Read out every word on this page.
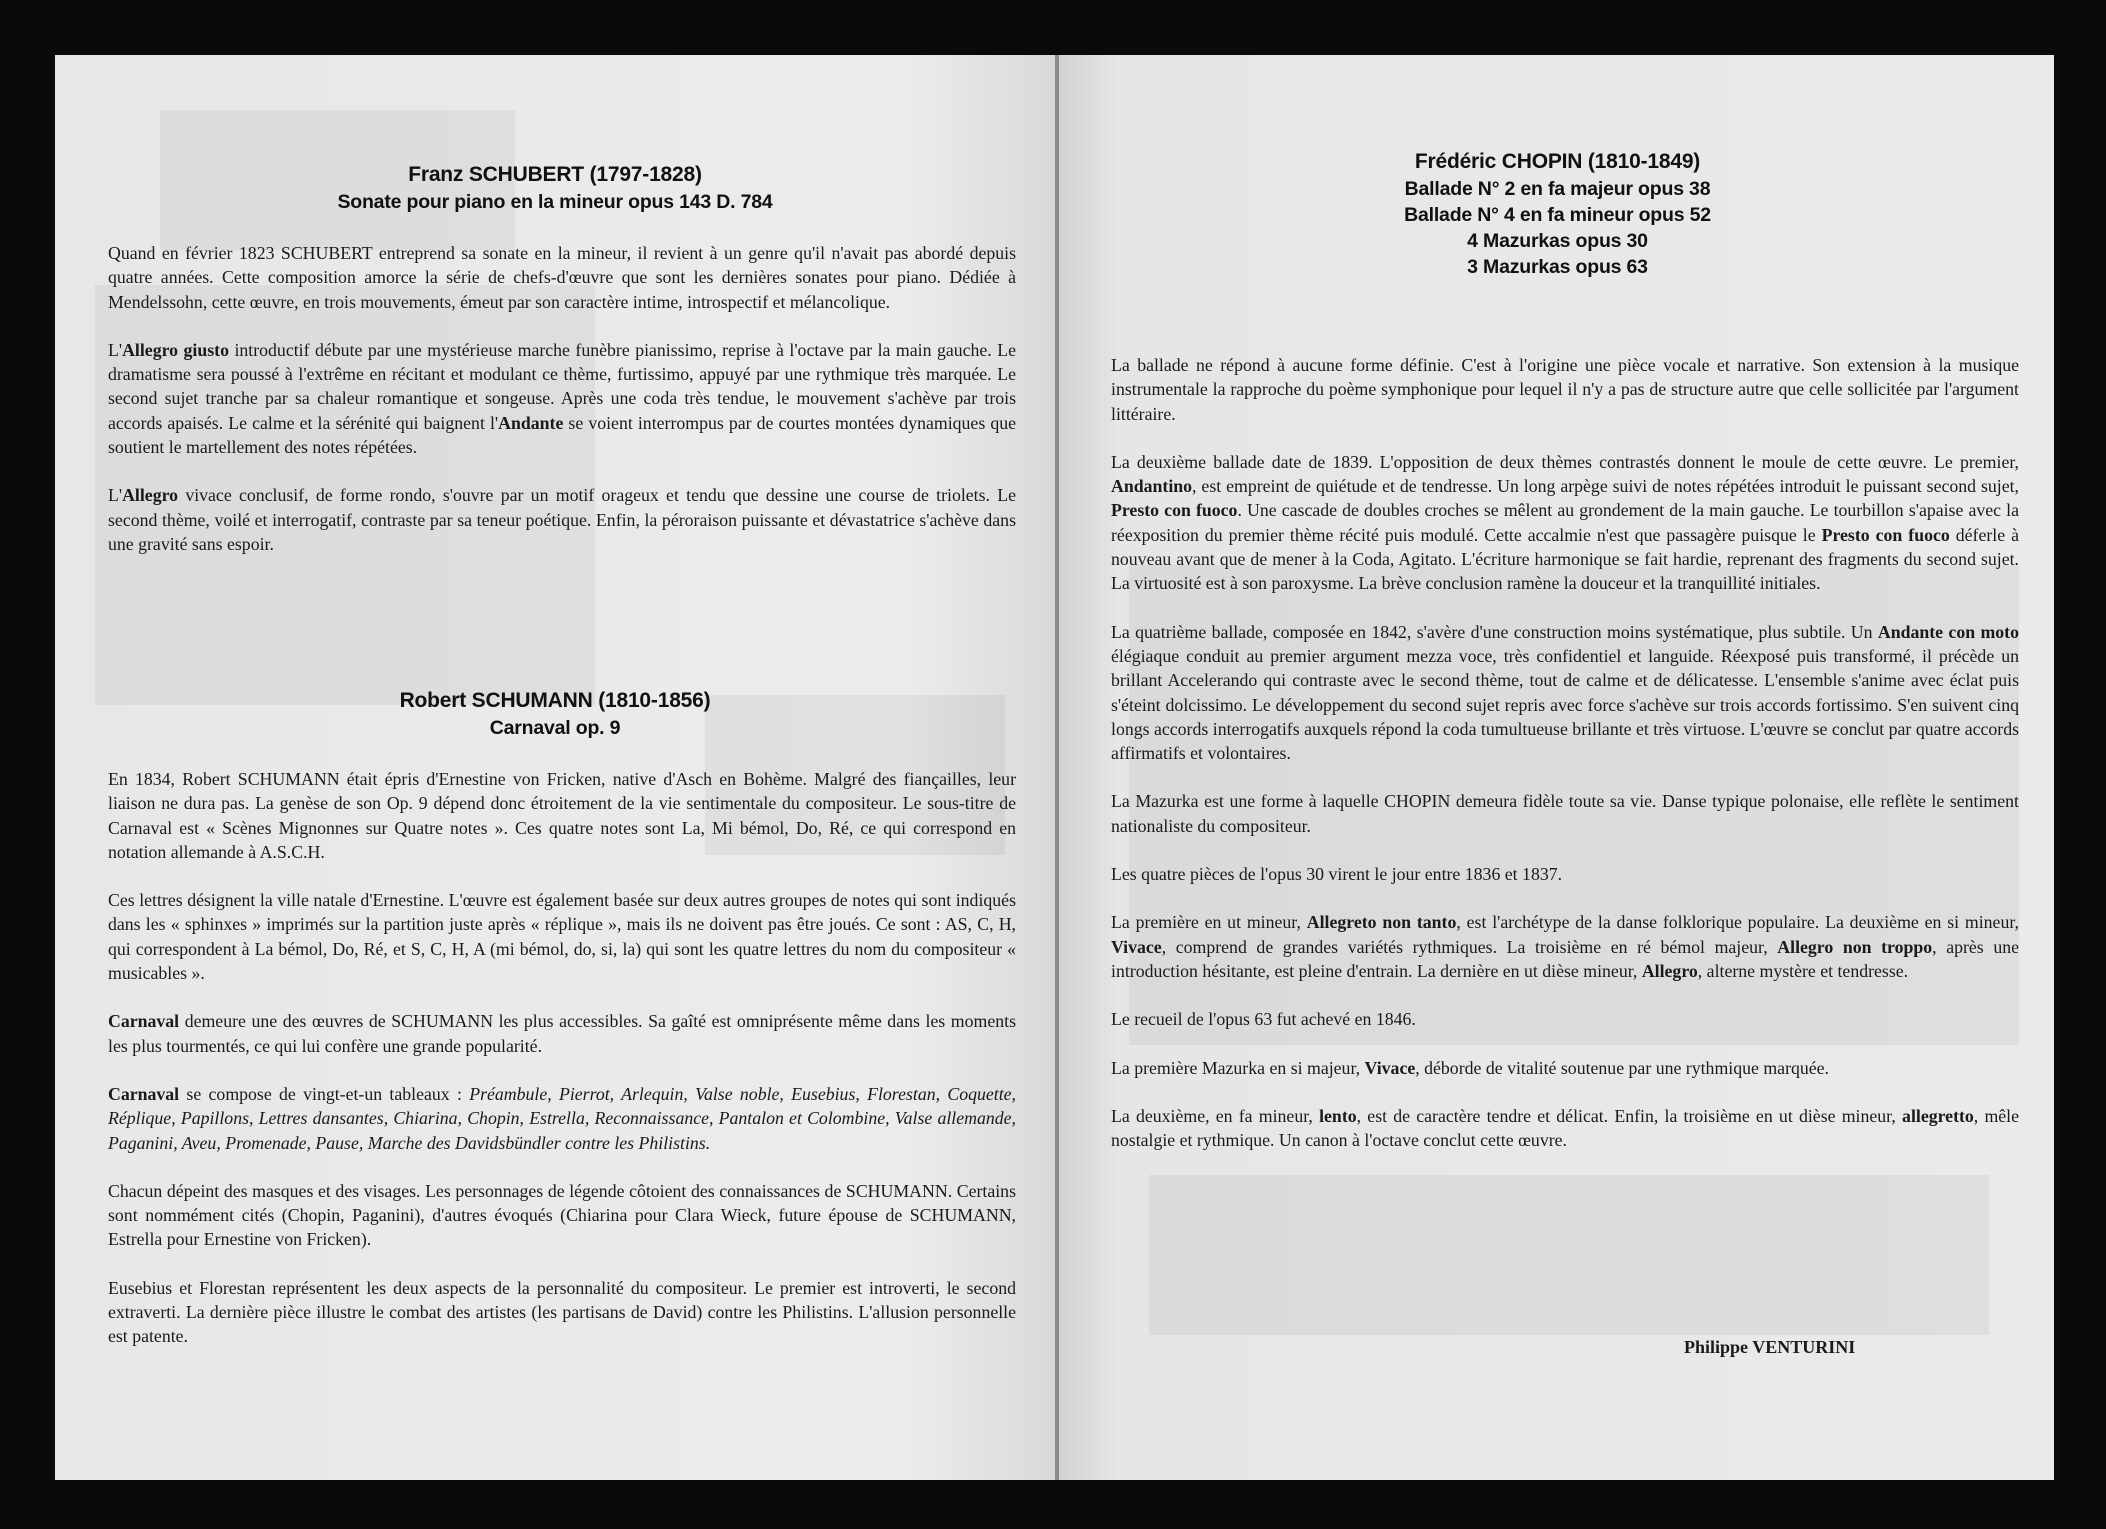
Franz SCHUBERT (1797-1828)
Sonate pour piano en la mineur opus 143 D. 784

Quand en février 1823 SCHUBERT entreprend sa sonate en la mineur, il revient à un genre qu'il n'avait pas abordé depuis quatre années. Cette composition amorce la série de chefs-d'œuvre que sont les dernières sonates pour piano. Dédiée à Mendelssohn, cette œuvre, en trois mouvements, émeut par son caractère intime, introspectif et mélancolique.

L'Allegro giusto introductif débute par une mystérieuse marche funèbre pianissimo, reprise à l'octave par la main gauche. Le dramatisme sera poussé à l'extrême en récitant et modulant ce thème, furtissimo, appuyé par une rythmique très marquée. Le second sujet tranche par sa chaleur romantique et songeuse. Après une coda très tendue, le mouvement s'achève par trois accords apaisés. Le calme et la sérénité qui baignent l'Andante se voient interrompus par de courtes montées dynamiques que soutient le martellement des notes répétées.

L'Allegro vivace conclusif, de forme rondo, s'ouvre par un motif orageux et tendu que dessine une course de triolets. Le second thème, voilé et interrogatif, contraste par sa teneur poétique. Enfin, la péroraison puissante et dévastatrice s'achève dans une gravité sans espoir.

Robert SCHUMANN (1810-1856)
Carnaval op. 9

En 1834, Robert SCHUMANN était épris d'Ernestine von Fricken, native d'Asch en Bohème. Malgré des fiançailles, leur liaison ne dura pas. La genèse de son Op. 9 dépend donc étroitement de la vie sentimentale du compositeur. Le sous-titre de Carnaval est « Scènes Mignonnes sur Quatre notes ». Ces quatre notes sont La, Mi bémol, Do, Ré, ce qui correspond en notation allemande à A.S.C.H.

Ces lettres désignent la ville natale d'Ernestine. L'œuvre est également basée sur deux autres groupes de notes qui sont indiqués dans les « sphinxes » imprimés sur la partition juste après « réplique », mais ils ne doivent pas être joués. Ce sont : AS, C, H, qui correspondent à La bémol, Do, Ré, et S, C, H, A (mi bémol, do, si, la) qui sont les quatre lettres du nom du compositeur « musicables ».

Carnaval demeure une des œuvres de SCHUMANN les plus accessibles. Sa gaîté est omniprésente même dans les moments les plus tourmentés, ce qui lui confère une grande popularité.

Carnaval se compose de vingt-et-un tableaux : Préambule, Pierrot, Arlequin, Valse noble, Eusebius, Florestan, Coquette, Réplique, Papillons, Lettres dansantes, Chiarina, Chopin, Estrella, Reconnaissance, Pantalon et Colombine, Valse allemande, Paganini, Aveu, Promenade, Pause, Marche des Davidsbündler contre les Philistins.

Chacun dépeint des masques et des visages. Les personnages de légende côtoient des connaissances de SCHUMANN. Certains sont nommément cités (Chopin, Paganini), d'autres évoqués (Chiarina pour Clara Wieck, future épouse de SCHUMANN, Estrella pour Ernestine von Fricken).

Eusebius et Florestan représentent les deux aspects de la personnalité du compositeur. Le premier est introverti, le second extraverti. La dernière pièce illustre le combat des artistes (les partisans de David) contre les Philistins. L'allusion personnelle est patente.

Frédéric CHOPIN (1810-1849)
Ballade N° 2 en fa majeur opus 38
Ballade N° 4 en fa mineur opus 52
4 Mazurkas opus 30
3 Mazurkas opus 63

La ballade ne répond à aucune forme définie. C'est à l'origine une pièce vocale et narrative. Son extension à la musique instrumentale la rapproche du poème symphonique pour lequel il n'y a pas de structure autre que celle sollicitée par l'argument littéraire.

La deuxième ballade date de 1839. L'opposition de deux thèmes contrastés donnent le moule de cette œuvre. Le premier, Andantino, est empreint de quiétude et de tendresse. Un long arpège suivi de notes répétées introduit le puissant second sujet, Presto con fuoco. Une cascade de doubles croches se mêlent au grondement de la main gauche. Le tourbillon s'apaise avec la réexposition du premier thème récité puis modulé. Cette accalmie n'est que passagère puisque le Presto con fuoco déferle à nouveau avant que de mener à la Coda, Agitato. L'écriture harmonique se fait hardie, reprenant des fragments du second sujet. La virtuosité est à son paroxysme. La brève conclusion ramène la douceur et la tranquillité initiales.

La quatrième ballade, composée en 1842, s'avère d'une construction moins systématique, plus subtile. Un Andante con moto élégiaque conduit au premier argument mezza voce, très confidentiel et languide. Réexposé puis transformé, il précède un brillant Accelerando qui contraste avec le second thème, tout de calme et de délicatesse. L'ensemble s'anime avec éclat puis s'éteint dolcissimo. Le développement du second sujet repris avec force s'achève sur trois accords fortissimo. S'en suivent cinq longs accords interrogatifs auxquels répond la coda tumultueuse brillante et très virtuose. L'œuvre se conclut par quatre accords affirmatifs et volontaires.

La Mazurka est une forme à laquelle CHOPIN demeura fidèle toute sa vie. Danse typique polonaise, elle reflète le sentiment nationaliste du compositeur.

Les quatre pièces de l'opus 30 virent le jour entre 1836 et 1837.

La première en ut mineur, Allegreto non tanto, est l'archétype de la danse folklorique populaire. La deuxième en si mineur, Vivace, comprend de grandes variétés rythmiques. La troisième en ré bémol majeur, Allegro non troppo, après une introduction hésitante, est pleine d'entrain. La dernière en ut dièse mineur, Allegro, alterne mystère et tendresse.

Le recueil de l'opus 63 fut achevé en 1846.

La première Mazurka en si majeur, Vivace, déborde de vitalité soutenue par une rythmique marquée.

La deuxième, en fa mineur, lento, est de caractère tendre et délicat. Enfin, la troisième en ut dièse mineur, allegretto, mêle nostalgie et rythmique. Un canon à l'octave conclut cette œuvre.

Philippe VENTURINI
